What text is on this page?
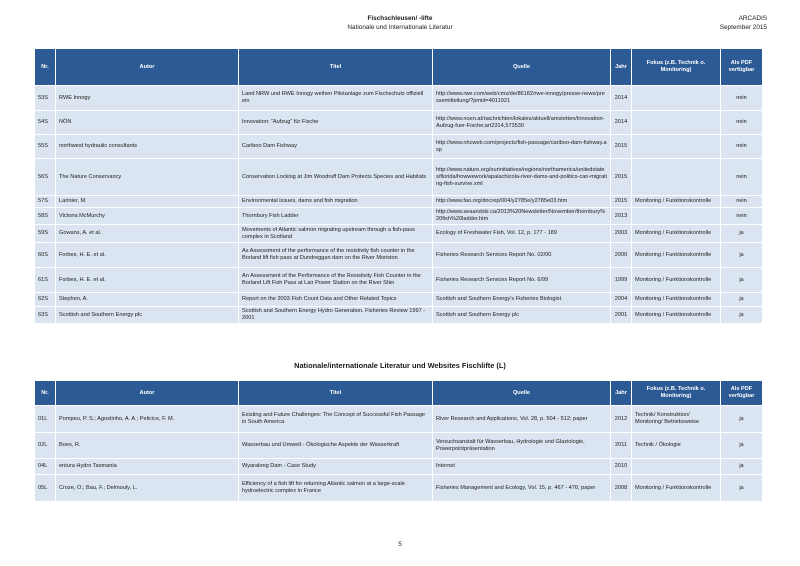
Fischschleusen/ -lifte
Nationale und Internationale Literatur
ARCADIS
September 2015
Nr.	Autor	Titel	Quelle	Jahr	Fokus (z.B. Technik o. Monitoring)	Als PDF verfügbar
53S	RWE Innogy	Land NRW und RWE Innogy weihen Pilotanlage zum Fischschutz offiziell ein	http://www.rwe.com/web/cms/de/86182/rwe-innogy/presse-news/pressemitteilung/?pmid=4011921	2014		nein
54S	NÖN	Innovation: "Aufzug" für Fische	http://www.noen.at/nachrichten/lokales/aktuell/amstetten/Innovation-Aufzug-fuer-Fische;art2314,573530	2014		nein
55S	northwest hydraulic consultants	Cariboo Dam Fishway	http://www.nhcweb.com/projects/fish-passage/cariboo-dam-fishway.asp	2015		nein
56S	The Nature Conservancy	Conservation Locking at Jim Woodruff Dam Protects Species and Habitats	http://www.nature.org/ourinitiatives/regions/northamerica/unitedstates/florida/howwework/apalachicola-river-dams-and-politics-can-migrating-fish-survive.xml	2015		nein
57S	Larinier, M.	Environmental issues, dams and fish migration	http://www.fao.org/docrep/004/y2785e/y2785e03.htm	2015	Monitoring / Funktionskontrolle	nein
58S	Victoria McMurchy	Thornbury Fish Ladder	http://www.seaandski.ca/2013%20Newsletter/November/thornbury%20fish%20ladder.htm	2013		nein
59S	Gowans, A. et al.	Movements of Atlantic salmon migrating upstream through a fish-pass complex in Scotland	Ecology of Freshwater Fish, Vol. 12, p. 177 - 189	2003	Monitoring / Funktionskontrolle	ja
60S	Forbes, H. E. et al.	As Assessment of the performance of the resistivity fish counter in the Borland lift fish pass at Dundreggan dam on the River Moriston	Fisheries Research Services Report No. 02/00	2000	Monitoring / Funktionskontrolle	ja
61S	Forbes, H. E. et al.	An Assessment of the Performance of the Resistivity Fish Counter in the Borland Lift Fish Pass at Lair Power Station on the River Shin	Fisheries Research Services Report No. 6/99	1999	Monitoring / Funktionskontrolle	ja
62S	Stephen, A.	Report on the 2003 Fish Count Data and Other Related Topics	Scottish and Southern Energy's Fisheries Biologist	2004	Monitoring / Funktionskontrolle	ja
63S	Scottish and Southern Energy plc	Scottish and Southern Energy Hydro Generation. Fisheries Review 1997 - 2001	Scottish and Southern Energy plc	2001	Monitoring / Funktionskontrolle	ja
Nationale/internationale Literatur und Websites Fischlifte (L)
Nr.	Autor	Titel	Quelle	Jahr	Fokus (z.B. Technik o. Monitoring)	Als PDF verfügbar
01L	Pompeu, P. S.; Agostinho, A. A.; Pelicice, F. M.	Existing and Future Challenges: The Concept of Successful Fish Passage in South America	River Research and Applications, Vol. 28, p. 504 - 512; paper	2012	Technik/ Konstruktion/ Monitoring/ Betriebsweise	ja
02L	Boes, R.	Wasserbau und Umwelt - Ökologische Aspekte der Wasserkraft	Versuchsanstalt für Wasserbau, Hydrologie und Glaziologie, Powerpointpräsentation	2011	Technik / Ökologie	ja
04L	entura Hydro Tasmania	Wyaralong Dam - Case Study	Internet	2010		ja
05L	Croze, O.; Bau, F.; Delmouly, L.	Efficiency of a fish lift for returning Atlantic salmon at a large-scale hydroelectric complex in France	Fisheries Management and Ecology, Vol. 15, p. 467 - 476; paper	2008	Monitoring / Funktionskontrolle	ja
5
